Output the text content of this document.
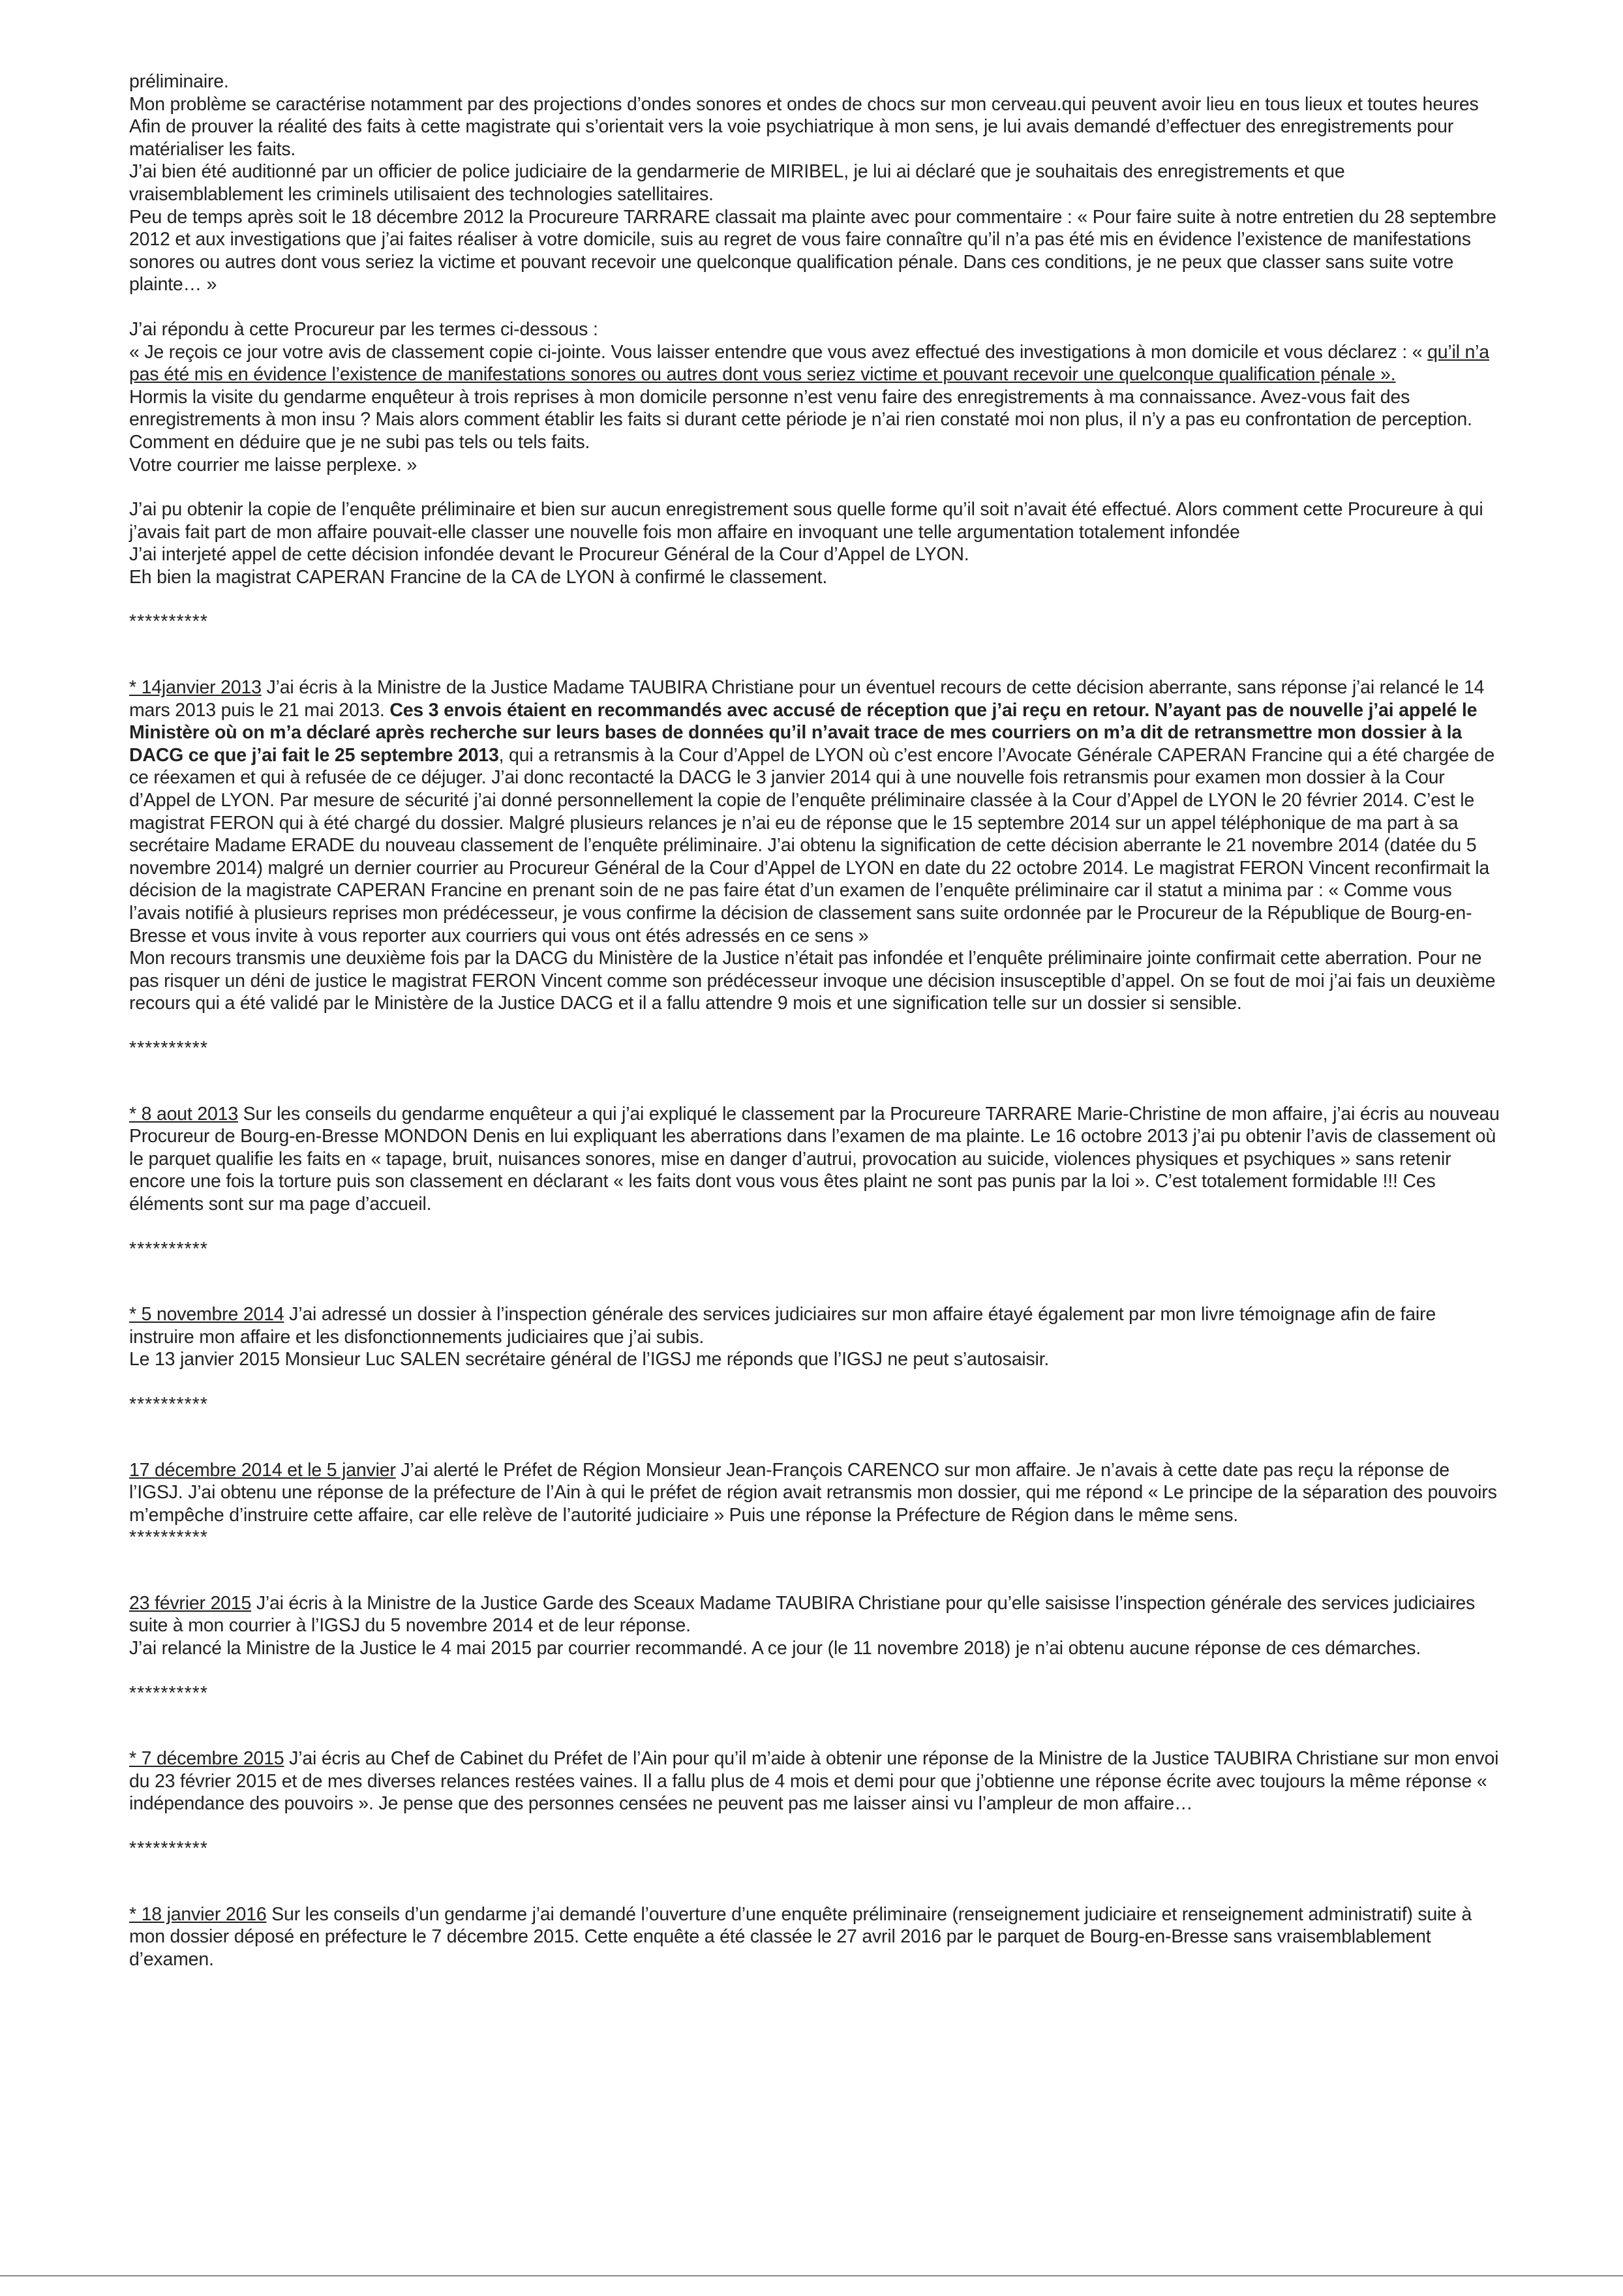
préliminaire.

Mon problème se caractérise notamment par des projections d’ondes sonores et ondes de chocs sur mon cerveau.qui peuvent avoir lieu en tous lieux et toutes heures

Afin de prouver la réalité des faits à cette magistrate qui s’orientait vers la voie psychiatrique à mon sens, je lui avais demandé d’effectuer des enregistrements pour matérialiser les faits.

J’ai bien été auditionné par un officier de police judiciaire de la gendarmerie de MIRIBEL, je lui ai déclaré que je souhaitais des enregistrements et que vraisemblablement les criminels utilisaient des technologies satellitaires.

Peu de temps après soit le 18 décembre 2012 la Procureure TARRARE classait ma plainte avec pour commentaire : « Pour faire suite à notre entretien du 28 septembre 2012 et aux investigations que j’ai faites réaliser à votre domicile, suis au regret de vous faire connaître qu’il n’a pas été mis en évidence l’existence de manifestations sonores ou autres dont vous seriez la victime et pouvant recevoir une quelconque qualification pénale. Dans ces conditions, je ne peux que classer sans suite votre plainte… »

J’ai répondu à cette Procureur par les termes ci-dessous :

« Je reçois ce jour votre avis de classement copie ci-jointe. Vous laisser entendre que vous avez effectué des investigations à mon domicile et vous déclarez : « qu’il n’a pas été mis en évidence l’existence de manifestations sonores ou autres dont vous seriez victime et pouvant recevoir une quelconque qualification pénale ».

Hormis la visite du gendarme enquêteur à trois reprises à mon domicile personne n’est venu faire des enregistrements à ma connaissance. Avez-vous fait des enregistrements à mon insu ? Mais alors comment établir les faits si durant cette période je n’ai rien constaté moi non plus, il n’y a pas eu confrontation de perception. Comment en déduire que je ne subi pas tels ou tels faits.

Votre courrier me laisse perplexe. »

J’ai pu obtenir la copie de l’enquête préliminaire et bien sur aucun enregistrement sous quelle forme qu’il soit n’avait été effectué. Alors comment cette Procureure à qui j’avais fait part de mon affaire pouvait-elle classer une nouvelle fois mon affaire en invoquant une telle argumentation totalement infondée

J’ai interjeté appel de cette décision infondée devant le Procureur Général de la Cour d’Appel de LYON.

Eh bien la magistrat CAPERAN Francine de la CA de LYON à confirmé le classement.

**********

* 14janvier 2013 J’ai écris à la Ministre de la Justice Madame TAUBIRA Christiane pour un éventuel recours de cette décision aberrante, sans réponse j’ai relancé le 14 mars 2013 puis le 21 mai 2013. Ces 3 envois étaient en recommandés avec accusé de réception que j’ai reçu en retour. N’ayant pas de nouvelle j’ai appelé le Ministère où on m’a déclaré après recherche sur leurs bases de données qu’il n’avait trace de mes courriers on m’a dit de retransmettre mon dossier à la DACG ce que j’ai fait le 25 septembre 2013, qui a retransmis à la Cour d’Appel de LYON où c’est encore l’Avocate Générale CAPERAN Francine qui a été chargée de ce réexamen et qui à refusée de ce déjuger. J’ai donc recontacté la DACG le 3 janvier 2014 qui à une nouvelle fois retransmis pour examen mon dossier à la Cour d’Appel de LYON. Par mesure de sécurité j’ai donné personnellement la copie de l’enquête préliminaire classée à la Cour d’Appel de LYON le 20 février 2014. C’est le magistrat FERON qui à été chargé du dossier. Malgré plusieurs relances je n’ai eu de réponse que le 15 septembre 2014 sur un appel téléphonique de ma part à sa secrétaire Madame ERADE du nouveau classement de l’enquête préliminaire. J’ai obtenu la signification de cette décision aberrante le 21 novembre 2014 (datée du 5 novembre 2014) malgré un dernier courrier au Procureur Général de la Cour d’Appel de LYON en date du 22 octobre 2014. Le magistrat FERON Vincent reconfirmait la décision de la magistrate CAPERAN Francine en prenant soin de ne pas faire état d’un examen de l’enquête préliminaire car il statut a minima par : « Comme vous l’avais notifié à plusieurs reprises mon prédécesseur, je vous confirme la décision de classement sans suite ordonnée par le Procureur de la République de Bourg-en-Bresse et vous invite à vous reporter aux courriers qui vous ont étés adressés en ce sens »

Mon recours transmis une deuxième fois par la DACG du Ministère de la Justice n’était pas infondée et l’enquête préliminaire jointe confirmait cette aberration. Pour ne pas risquer un déni de justice le magistrat FERON Vincent comme son prédécesseur invoque une décision insusceptible d’appel. On se fout de moi j’ai fais un deuxième recours qui a été validé par le Ministère de la Justice DACG et il a fallu attendre 9 mois et une signification telle sur un dossier si sensible.

**********

* 8 aout 2013 Sur les conseils du gendarme enquêteur a qui j’ai expliqué le classement par la Procureure TARRARE Marie-Christine de mon affaire, j’ai écris au nouveau Procureur de Bourg-en-Bresse MONDON Denis en lui expliquant les aberrations dans l’examen de ma plainte. Le 16 octobre 2013 j’ai pu obtenir l’avis de classement où le parquet qualifie les faits en « tapage, bruit, nuisances sonores, mise en danger d’autrui, provocation au suicide, violences physiques et psychiques » sans retenir encore une fois la torture puis son classement en déclarant « les faits dont vous vous êtes plaint ne sont pas punis par la loi ». C’est totalement formidable !!! Ces éléments sont sur ma page d’accueil.

**********

* 5 novembre 2014 J’ai adressé un dossier à l’inspection générale des services judiciaires sur mon affaire étayé également par mon livre témoignage afin de faire instruire mon affaire et les disfonctionnements judiciaires que j’ai subis.

Le 13 janvier 2015 Monsieur Luc SALEN secrétaire général de l’IGSJ me réponds que l’IGSJ ne peut s’autosaisir.

**********

17 décembre 2014 et le 5 janvier J’ai alerté le Préfet de Région Monsieur Jean-François CARENCO sur mon affaire. Je n’avais à cette date pas reçu la réponse de l’IGSJ. J’ai obtenu une réponse de la préfecture de l’Ain à qui le préfet de région avait retransmis mon dossier, qui me répond « Le principe de la séparation des pouvoirs m’empêche d’instruire cette affaire, car elle relève de l’autorité judiciaire » Puis une réponse la Préfecture de Région dans le même sens.

**********

23 février 2015 J’ai écris à la Ministre de la Justice Garde des Sceaux Madame TAUBIRA Christiane pour qu’elle saisisse l’inspection générale des services judiciaires suite à mon courrier à l’IGSJ du 5 novembre 2014 et de leur réponse.

J’ai relancé la Ministre de la Justice le 4 mai 2015 par courrier recommandé. A ce jour (le 11 novembre 2018) je n’ai obtenu aucune réponse de ces démarches.

**********

* 7 décembre 2015 J’ai écris au Chef de Cabinet du Préfet de l’Ain pour qu’il m’aide à obtenir une réponse de la Ministre de la Justice TAUBIRA Christiane sur mon envoi du 23 février 2015 et de mes diverses relances restées vaines. Il a fallu plus de 4 mois et demi pour que j’obtienne une réponse écrite avec toujours la même réponse « indépendance des pouvoirs ». Je pense que des personnes censées ne peuvent pas me laisser ainsi vu l’ampleur de mon affaire…

**********

* 18 janvier 2016 Sur les conseils d’un gendarme j’ai demandé l’ouverture d’une enquête préliminaire (renseignement judiciaire et renseignement administratif) suite à mon dossier déposé en préfecture le 7 décembre 2015. Cette enquête a été classée le 27 avril 2016 par le parquet de Bourg-en-Bresse sans vraisemblablement d’examen.
